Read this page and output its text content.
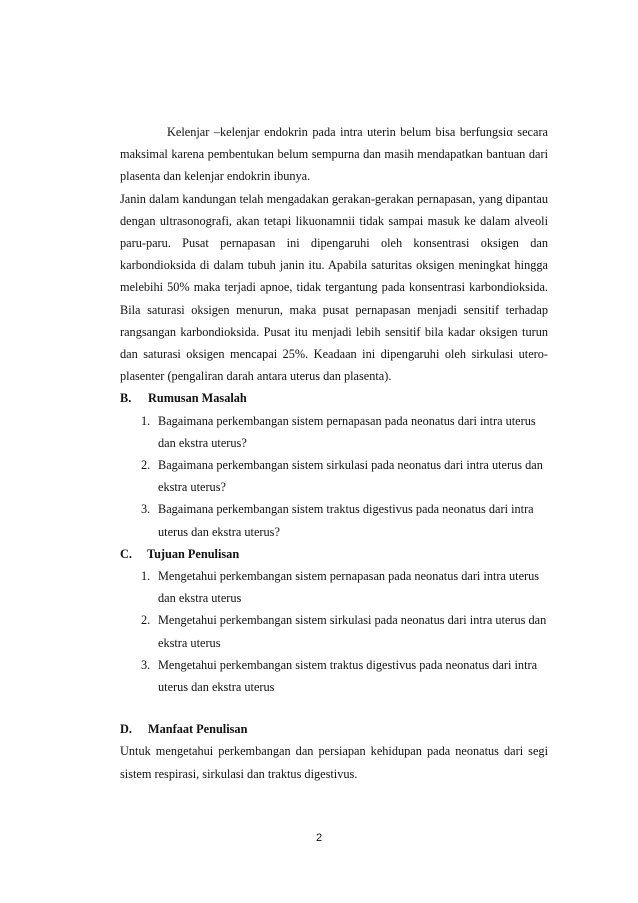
Kelenjar –kelenjar endokrin pada intra uterin belum bisa berfungsiα secara maksimal karena pembentukan belum sempurna dan masih mendapatkan bantuan dari plasenta dan kelenjar endokrin ibunya.

Janin dalam kandungan telah mengadakan gerakan-gerakan pernapasan, yang dipantau dengan ultrasonografi, akan tetapi likuonamnii tidak sampai masuk ke dalam alveoli paru-paru. Pusat pernapasan ini dipengaruhi oleh konsentrasi oksigen dan karbondioksida di dalam tubuh janin itu. Apabila saturitas oksigen meningkat hingga melebihi 50% maka terjadi apnoe, tidak tergantung pada konsentrasi karbondioksida. Bila saturasi oksigen menurun, maka pusat pernapasan menjadi sensitif terhadap rangsangan karbondioksida. Pusat itu menjadi lebih sensitif bila kadar oksigen turun dan saturasi oksigen mencapai 25%. Keadaan ini dipengaruhi oleh sirkulasi utero-plasenter (pengaliran darah antara uterus dan plasenta).

B. Rumusan Masalah

1. Bagaimana perkembangan sistem pernapasan pada neonatus dari intra uterus dan ekstra uterus?
2. Bagaimana perkembangan sistem sirkulasi pada neonatus dari intra uterus dan ekstra uterus?
3. Bagaimana perkembangan sistem traktus digestivus pada neonatus dari intra uterus dan ekstra uterus?

C. Tujuan Penulisan

1. Mengetahui perkembangan sistem pernapasan pada neonatus dari intra uterus dan ekstra uterus
2. Mengetahui perkembangan sistem sirkulasi pada neonatus dari intra uterus dan ekstra uterus
3. Mengetahui perkembangan sistem traktus digestivus pada neonatus dari intra uterus dan ekstra uterus

D. Manfaat Penulisan

Untuk mengetahui perkembangan dan persiapan kehidupan pada neonatus dari segi sistem respirasi, sirkulasi dan traktus digestivus.

2
